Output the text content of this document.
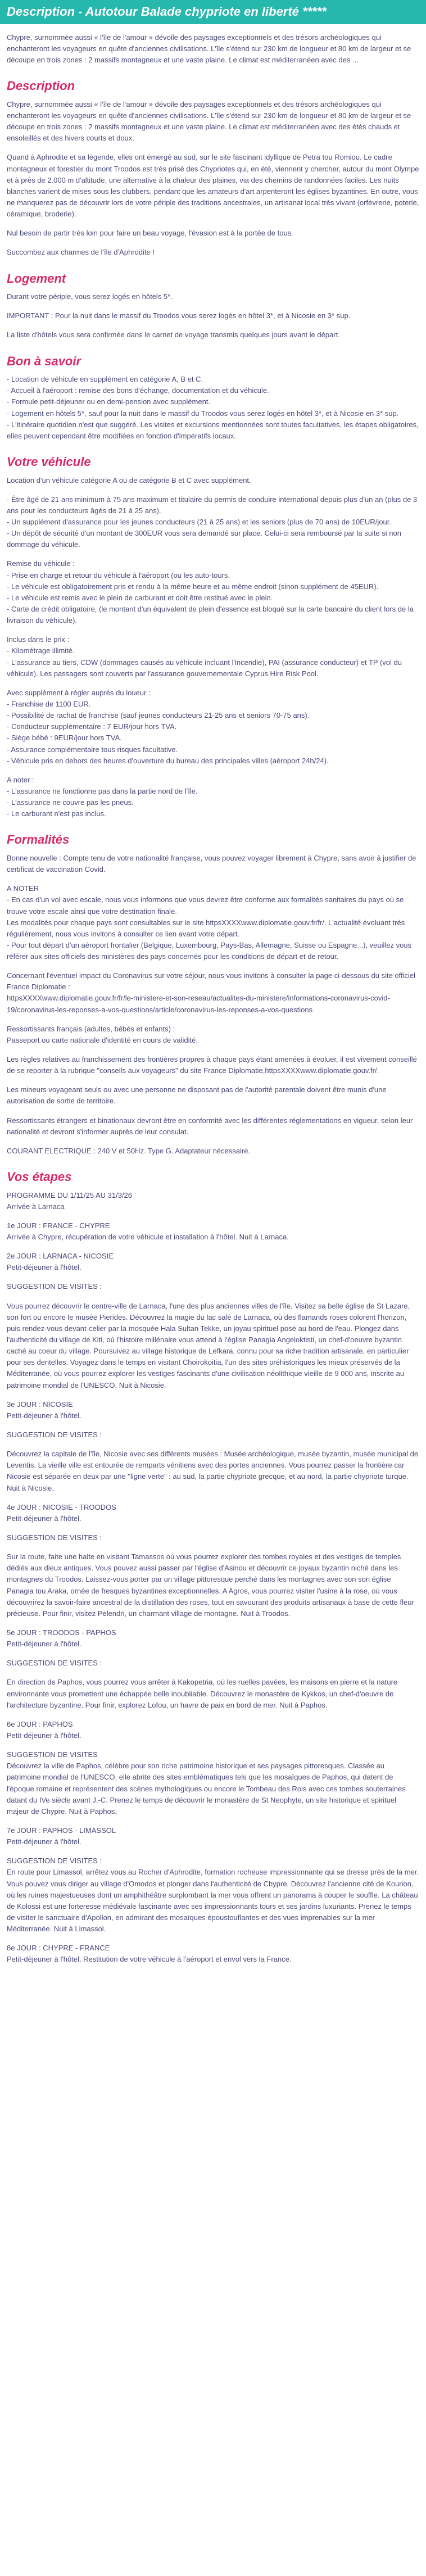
Description - Autotour Balade chypriote en liberté *****

Chypre, surnommée aussi « l'île de l'amour » dévoile des paysages exceptionnels et des trésors archéologiques qui enchanteront les voyageurs en quête d'anciennes civilisations. L'île s'étend sur 230 km de longueur et 80 km de largeur et se découpe en trois zones : 2 massifs montagneux et une vaste plaine. Le climat est méditerranéen avec des ...

Description

Chypre, surnommée aussi « l'île de l'amour » dévoile des paysages exceptionnels et des trésors archéologiques qui enchanteront les voyageurs en quête d'anciennes civilisations. L'île s'étend sur 230 km de longueur et 80 km de largeur et se découpe en trois zones : 2 massifs montagneux et une vaste plaine. Le climat est méditerranéen avec des étés chauds et ensoleillés et des hivers courts et doux.

Quand à Aphrodite et sa légende, elles ont émergé au sud, sur le site fascinant idyllique de Petra tou Romiou. Le cadre montagneux et forestier du mont Troodos est très prisé des Chypriotes qui, en été, viennent y chercher, autour du mont Olympe et à près de 2.000 m d'altitude, une alternative à la chaleur des plaines, via des chemins de randonnées faciles. Les nuits blanches varient de mises sous les clubbers, pendant que les amateurs d'art arpenteront les églises byzantines. En outre, vous ne manquerez pas de découvrir lors de votre périple des traditions ancestrales, un artisanat local très vivant (orfèvrerie, poterie, céramique, broderie).

Nul besoin de partir très loin pour faire un beau voyage, l'évasion est à la portée de tous.

Succombez aux charmes de l'île d'Aphrodite !

Logement

Durant votre périple, vous serez logés en hôtels 5*.

IMPORTANT : Pour la nuit dans le massif du Troodos vous serez logés en hôtel 3*, et à Nicosie en 3* sup.

La liste d'hôtels vous sera confirmée dans le carnet de voyage transmis quelques jours avant le départ.

Bon à savoir

- Location de véhicule en supplément en catégorie A, B et C.
- Accueil à l'aéroport : remise des bons d'échange, documentation et du véhicule.
- Formule petit-déjeuner ou en demi-pension avec supplément.
- Logement en hôtels 5*, sauf pour la nuit dans le massif du Troodos vous serez logés en hôtel 3*, et à Nicosie en 3* sup.
- L'itinéraire quotidien n'est que suggéré. Les visites et excursions mentionnées sont toutes facultatives, les étapes obligatoires, elles peuvent cependant être modifiées en fonction d'impératifs locaux.

Votre véhicule

Location d'un véhicule catégorie A ou de catégorie B et C avec supplément.

- Être âgé de 21 ans minimum à 75 ans maximum et titulaire du permis de conduire international depuis plus d'un an (plus de 3 ans pour les conducteurs âgés de 21 à 25 ans).
- Un supplément d'assurance pour les jeunes conducteurs (21 à 25 ans) et les seniors (plus de 70 ans) de 10EUR/jour.
- Un dépôt de sécurité d'un montant de 300EUR vous sera demandé sur place. Celui-ci sera remboursé par la suite si non dommage du véhicule.

Remise du véhicule :
- Prise en charge et retour du véhicule à l'aéroport (ou les auto-tours.
- Le véhicule est obligatoirement pris et rendu à la même heure et au même endroit (sinon supplément de 45EUR).
- Le véhicule est remis avec le plein de carburant et doit être restitué avec le plein.
- Carte de crédit obligatoire, (le montant d'un équivalent de plein d'essence est bloqué sur la carte bancaire du client lors de la livraison du véhicule).

Inclus dans le prix :
- Kilométrage illimité.
- L'assurance au tiers, CDW (dommages causés au véhicule incluant l'incendie), PAI (assurance conducteur) et TP (vol du véhicule). Les passagers sont couverts par l'assurance gouvernementale Cyprus Hire Risk Pool.

Avec supplément à régler auprès du loueur :
- Franchise de 1100 EUR.
- Possibilité de rachat de franchise (sauf jeunes conducteurs 21-25 ans et seniors 70-75 ans).
- Conducteur supplémentaire : 7 EUR/jour hors TVA.
- Siège bébé : 9EUR/jour hors TVA.
- Assurance complémentaire tous risques facultative.
- Véhicule pris en dehors des heures d'ouverture du bureau des principales villes (aéroport 24h/24).

A noter :
- L'assurance ne fonctionne pas dans la partie nord de l'île.
- L'assurance ne couvre pas les pneus.
- Le carburant n'est pas inclus.

Formalités

Bonne nouvelle : Compte tenu de votre nationalité française, vous pouvez voyager librement à Chypre, sans avoir à justifier de certificat de vaccination Covid.

A NOTER
- En cas d'un vol avec escale, nous vous informons que vous devrez être conforme aux formalités sanitaires du pays où se trouve votre escale ainsi que votre destination finale.
Les modalités pour chaque pays sont consultables sur le site httpsXXXXwww.diplomatie.gouv.fr/fr/. L'actualité évoluant très régulièrement, nous vous invitons à consulter ce lien avant votre départ.
- Pour tout départ d'un aéroport frontalier (Belgique, Luxembourg, Pays-Bas, Allemagne, Suisse ou Espagne...), veuillez vous référer aux sites officiels des ministères des pays concernés pour les conditions de départ et de retour.

Concernant l'éventuel impact du Coronavirus sur votre séjour, nous vous invitons à consulter la page ci-dessous du site officiel France Diplomatie :
httpsXXXXwww.diplomatie.gouv.fr/fr/le-ministere-et-son-reseau/actualites-du-ministere/informations-coronavirus-covid-19/coronavirus-les-reponses-a-vos-questions/article/coronavirus-les-reponses-a-vos-questions

Ressortissants français (adultes, bébés et enfants) :
Passeport ou carte nationale d'identité en cours de validité.

Les règles relatives au franchissement des frontières propres à chaque pays étant amenées à évoluer, il est vivement conseillé de se reporter à la rubrique "conseils aux voyageurs" du site France Diplomatie,httpsXXXXwww.diplomatie.gouv.fr/.

Les mineurs voyageant seuls ou avec une personne ne disposant pas de l'autorité parentale doivent être munis d'une autorisation de sortie de territoire.

Ressortissants étrangers et binationaux devront être en conformité avec les différentes réglementations en vigueur, selon leur nationalité et devront s'informer auprès de leur consulat.

COURANT ELECTRIQUE : 240 V et 50Hz. Type G. Adaptateur nécessaire.

Vos étapes

PROGRAMME DU 1/11/25 AU 31/3/26
Arrivée à Larnaca

1e JOUR : FRANCE - CHYPRE
Arrivée à Chypre, récupération de votre véhicule et installation à l'hôtel. Nuit à Larnaca.

2e JOUR : LARNACA - NICOSIE
Petit-déjeuner à l'hôtel.

SUGGESTION DE VISITES :

Vous pourrez découvrir le centre-ville de Larnaca, l'une des plus anciennes villes de l'île. Visitez sa belle église de St Lazare, son fort ou encore le musée Pierides. Découvrez la magie du lac salé de Larnaca, où des flamands roses colorent l'horizon, puis rendez-vous devant-celier par la mosquée Hala Sultan Tekke, un joyau spirituel posé au bord de l'eau. Plongez dans l'authenticité du village de Kiti, où l'histoire millénaire vous attend à l'église Panagia Angeloktisti, un chef-d'oeuvre byzantin caché au coeur du village. Poursuivez au village historique de Lefkara, connu pour sa riche tradition artisanale, en particulier pour ses dentelles. Voyagez dans le temps en visitant Choirokoitia, l'un des sites préhistoriques les mieux préservés de la Méditerranée, où vous pourrez explorer les vestiges fascinants d'une civilisation néolithique vieille de 9 000 ans, inscrite au patrimoine mondial de l'UNESCO. Nuit à Nicosie.

3e JOUR : NICOSIE
Petit-déjeuner à l'hôtel.

SUGGESTION DE VISITES :

Découvrez la capitale de l'île, Nicosie avec ses différents musées : Musée archéologique, musée byzantin, musée municipal de Leventis. La vieille ville est entourée de remparts vénitiens avec des portes anciennes. Vous pourrez passer la frontière car Nicosie est séparée en deux par une "ligne verte" : au sud, la partie chypriote grecque, et au nord, la partie chypriote turque. Nuit à Nicosie.

4e JOUR : NICOSIE - TROODOS
Petit-déjeuner à l'hôtel.

SUGGESTION DE VISITES :

Sur la route, faite une halte en visitant Tamassos où vous pourrez explorer des tombes royales et des vestiges de temples dédiés aux dieux antiques. Vous pouvez aussi passer par l'église d'Asinou et découvrir ce joyaux byzantin niché dans les montagnes du Troodos. Laissez-vous porter par un village pittoresque perché dans les montagnes avec son son église Panagia tou Araka, ornée de fresques byzantines exceptionnelles. A Agros, vous pourrez visiter l'usine à la rose, où vous découvrirez la savoir-faire ancestral de la distillation des roses, tout en savourant des produits artisanaux à base de cette fleur précieuse. Pour finir, visitez Pelendri, un charmant village de montagne. Nuit à Troodos.

5e JOUR : TROODOS - PAPHOS
Petit-déjeuner à l'hôtel.

SUGGESTION DE VISITES :

En direction de Paphos, vous pourrez vous arrêter à Kakopetria, où les ruelles pavées, les maisons en pierre et la nature environnante vous promettent une échappée belle inoubliable. Découvrez le monastère de Kykkos, un chef-d'oeuvre de l'architecture byzantine. Pour finir, explorez Lofou, un havre de paix en bord de mer. Nuit à Paphos.

6e JOUR : PAPHOS
Petit-déjeuner à l'hôtel.

SUGGESTION DE VISITES
Découvrez la ville de Paphos, célèbre pour son riche patrimoine historique et ses paysages pittoresques. Classée au patrimoine mondial de l'UNESCO, elle abrite des sites emblématiques tels que les mosaïques de Paphos, qui datent de l'époque romaine et représentent des scènes mythologiques ou encore le Tombeau des Rois avec ces tombes souterraines datant du IVe siècle avant J.-C. Prenez le temps de découvrir le monastère de St Neophyte, un site historique et spirituel majeur de Chypre. Nuit à Paphos.

7e JOUR : PAPHOS - LIMASSOL
Petit-déjeuner à l'hôtel.

SUGGESTION DE VISITES :
En route pour Limassol, arrêtez vous au Rocher d'Aphrodite, formation rocheuse impressionnante qui se dresse près de la mer. Vous pouvez vous diriger au village d'Omodos et plonger dans l'authenticité de Chypre. Découvrez l'ancienne cité de Kourion, où les ruines majestueuses dont un amphithéâtre surplombant la mer vous offrent un panorama à couper le souffle. La château de Kolossi est une forteresse médiévale fascinante avec ses impressionnants tours et ses jardins luxuriants. Prenez le temps de visiter le sanctuaire d'Apollon, en admirant des mosaïques époustouflantes et des vues imprenables sur la mer Méditerranée. Nuit à Limassol.

8e JOUR : CHYPRE - FRANCE
Petit-déjeuner à l'hôtel. Restitution de votre véhicule à l'aéroport et envol vers la France.
